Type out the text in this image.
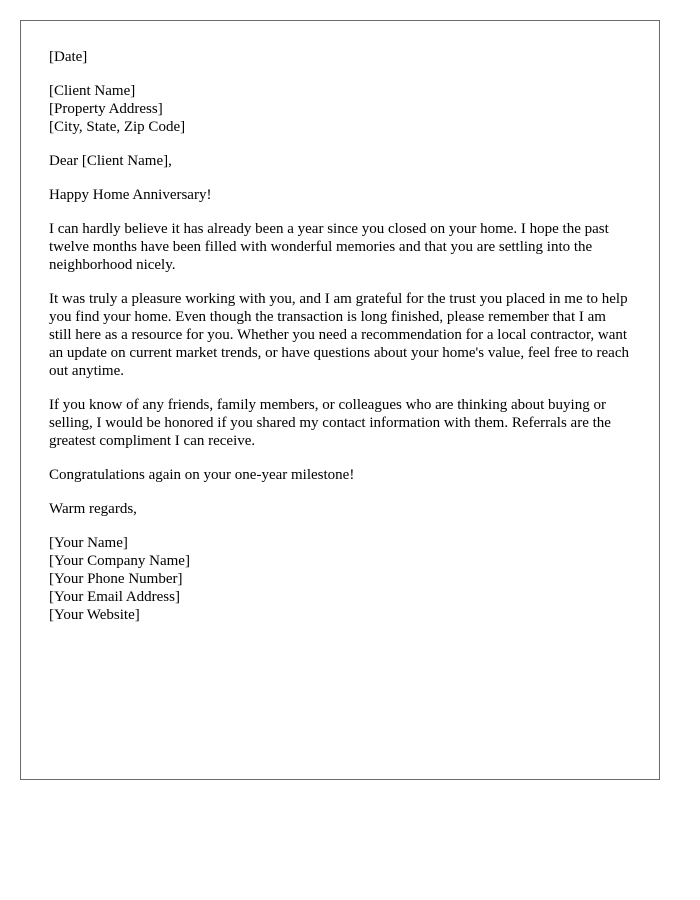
[Date]
[Client Name]
[Property Address]
[City, State, Zip Code]

Dear [Client Name],

Happy Home Anniversary!

I can hardly believe it has already been a year since you closed on your home. I hope the past twelve months have been filled with wonderful memories and that you are settling into the neighborhood nicely.

It was truly a pleasure working with you, and I am grateful for the trust you placed in me to help you find your home. Even though the transaction is long finished, please remember that I am still here as a resource for you. Whether you need a recommendation for a local contractor, want an update on current market trends, or have questions about your home's value, feel free to reach out anytime.

If you know of any friends, family members, or colleagues who are thinking about buying or selling, I would be honored if you shared my contact information with them. Referrals are the greatest compliment I can receive.

Congratulations again on your one-year milestone!

Warm regards,

[Your Name]
[Your Company Name]
[Your Phone Number]
[Your Email Address]
[Your Website]
